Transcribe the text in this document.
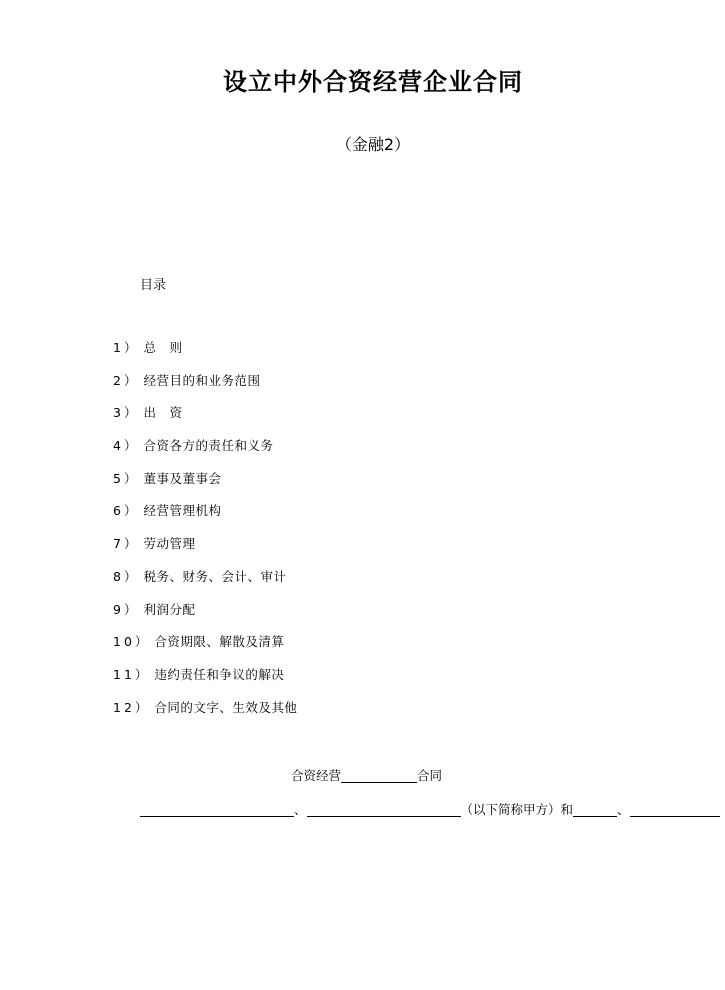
设立中外合资经营企业合同

（金融2）

目录

1） 总　则
2） 经营目的和业务范围
3） 出　资
4） 合资各方的责任和义务
5） 董事及董事会
6） 经营管理机构
7） 劳动管理
8） 税务、财务、会计、审计
9） 利润分配
10） 合资期限、解散及清算
11） 违约责任和争议的解决
12） 合同的文字、生效及其他
合资经营	合同
、	（以下简称甲方）和	、
